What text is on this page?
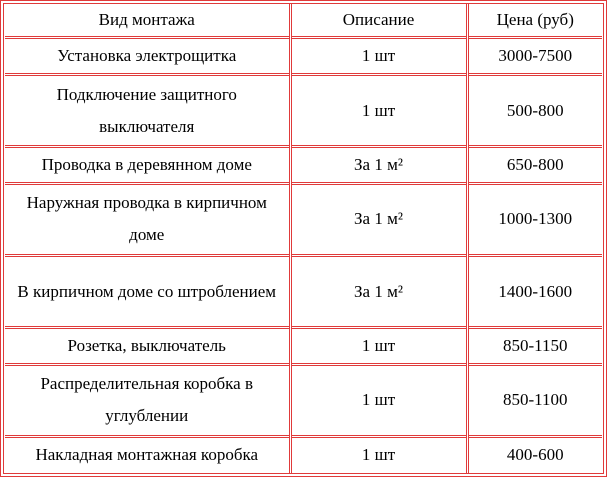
Вид монтажа	Описание	Цена (руб)
Установка электрощитка	1 шт	3000-7500
Подключение защитного выключателя	1 шт	500-800
Проводка в деревянном доме	За 1 м²	650-800
Наружная проводка в кирпичном доме	За 1 м²	1000-1300
В кирпичном доме со штроблением	За 1 м²	1400-1600
Розетка, выключатель	1 шт	850-1150
Распределительная коробка в углублении	1 шт	850-1100
Накладная монтажная коробка	1 шт	400-600
